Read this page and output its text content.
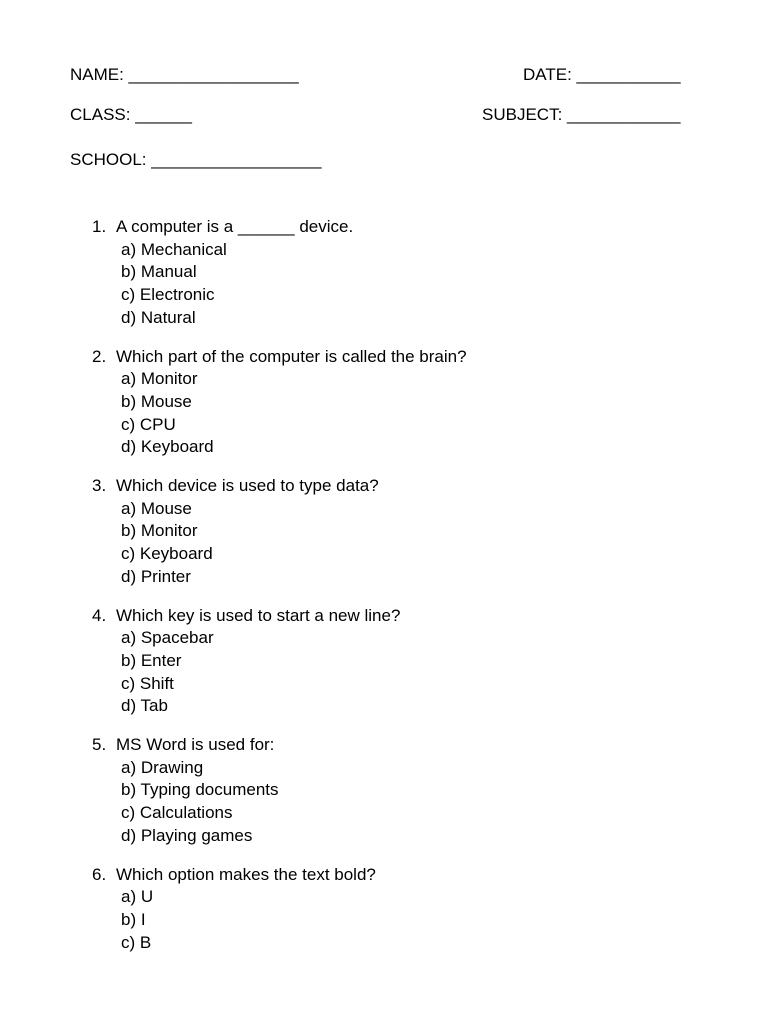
NAME: __________________	DATE: ___________
CLASS: ______	SUBJECT: ____________
SCHOOL: __________________
1. A computer is a ______ device.
a) Mechanical
b) Manual
c) Electronic
d) Natural
2. Which part of the computer is called the brain?
a) Monitor
b) Mouse
c) CPU
d) Keyboard
3. Which device is used to type data?
a) Mouse
b) Monitor
c) Keyboard
d) Printer
4. Which key is used to start a new line?
a) Spacebar
b) Enter
c) Shift
d) Tab
5. MS Word is used for:
a) Drawing
b) Typing documents
c) Calculations
d) Playing games
6. Which option makes the text bold?
a) U
b) I
c) B
